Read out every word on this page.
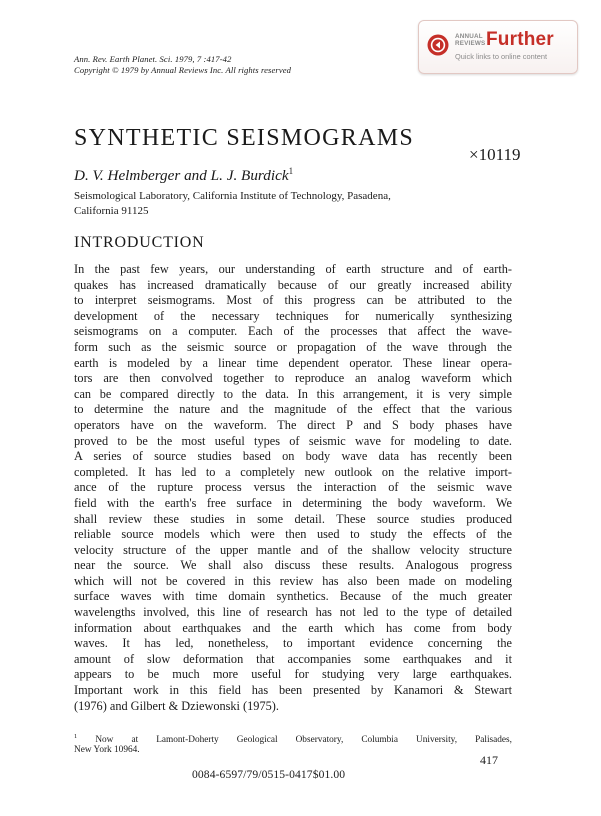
Ann. Rev. Earth Planet. Sci. 1979, 7 :417-42
Copyright © 1979 by Annual Reviews Inc. All rights reserved
ANNUAL
REVIEWS Further
Quick links to online content
SYNTHETIC SEISMOGRAMS
×10119
D. V. Helmberger and L. J. Burdick$^1$
Seismological Laboratory, California Institute of Technology, Pasadena,
California 91125
INTRODUCTION
In the past few years, our understanding of earth structure and of earth-
quakes has increased dramatically because of our greatly increased ability
to interpret seismograms. Most of this progress can be attributed to the
development of the necessary techniques for numerically synthesizing
seismograms on a computer. Each of the processes that affect the wave-
form such as the seismic source or propagation of the wave through the
earth is modeled by a linear time dependent operator. These linear opera-
tors are then convolved together to reproduce an analog waveform which
can be compared directly to the data. In this arrangement, it is very simple
to determine the nature and the magnitude of the effect that the various
operators have on the waveform. The direct P and S body phases have
proved to be the most useful types of seismic wave for modeling to date.
A series of source studies based on body wave data has recently been
completed. It has led to a completely new outlook on the relative import-
ance of the rupture process versus the interaction of the seismic wave
field with the earth's free surface in determining the body waveform. We
shall review these studies in some detail. These source studies produced
reliable source models which were then used to study the effects of the
velocity structure of the upper mantle and of the shallow velocity structure
near the source. We shall also discuss these results. Analogous progress
which will not be covered in this review has also been made on modeling
surface waves with time domain synthetics. Because of the much greater
wavelengths involved, this line of research has not led to the type of detailed
information about earthquakes and the earth which has come from body
waves. It has led, nonetheless, to important evidence concerning the
amount of slow deformation that accompanies some earthquakes and it
appears to be much more useful for studying very large earthquakes.
Important work in this field has been presented by Kanamori & Stewart
(1976) and Gilbert & Dziewonski (1975).
$^1$ Now at Lamont-Doherty Geological Observatory, Columbia University, Palisades,
New York 10964.
417
0084-6597/79/0515-0417$01.00
